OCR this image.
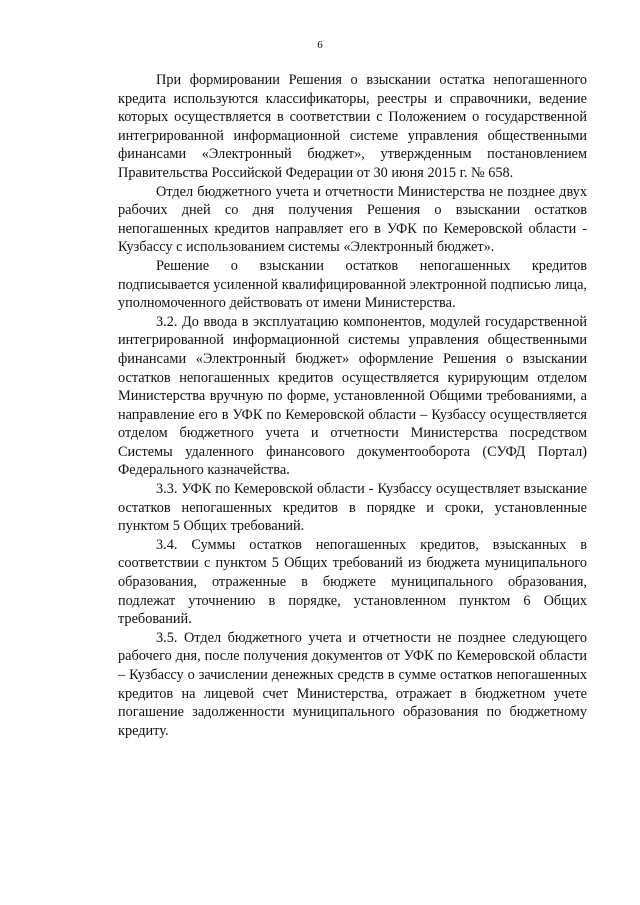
6

При формировании Решения о взыскании остатка непогашенного кредита используются классификаторы, реестры и справочники, ведение которых осуществляется в соответствии с Положением о государственной интегрированной информационной системе управления общественными финансами «Электронный бюджет», утвержденным постановлением Правительства Российской Федерации от 30 июня 2015 г. № 658.

Отдел бюджетного учета и отчетности Министерства не позднее двух рабочих дней со дня получения Решения о взыскании остатков непогашенных кредитов направляет его в УФК по Кемеровской области - Кузбассу с использованием системы «Электронный бюджет».

Решение о взыскании остатков непогашенных кредитов подписывается усиленной квалифицированной электронной подписью лица, уполномоченного действовать от имени Министерства.

3.2. До ввода в эксплуатацию компонентов, модулей государственной интегрированной информационной системы управления общественными финансами «Электронный бюджет» оформление Решения о взыскании остатков непогашенных кредитов осуществляется курирующим отделом Министерства вручную по форме, установленной Общими требованиями, а направление его в УФК по Кемеровской области – Кузбассу осуществляется отделом бюджетного учета и отчетности Министерства посредством Системы удаленного финансового документооборота (СУФД Портал) Федерального казначейства.

3.3. УФК по Кемеровской области - Кузбассу осуществляет взыскание остатков непогашенных кредитов в порядке и сроки, установленные пунктом 5 Общих требований.

3.4. Суммы остатков непогашенных кредитов, взысканных в соответствии с пунктом 5 Общих требований из бюджета муниципального образования, отраженные в бюджете муниципального образования, подлежат уточнению в порядке, установленном пунктом 6 Общих требований.

3.5. Отдел бюджетного учета и отчетности не позднее следующего рабочего дня, после получения документов от УФК по Кемеровской области – Кузбассу о зачислении денежных средств в сумме остатков непогашенных кредитов на лицевой счет Министерства, отражает в бюджетном учете погашение задолженности муниципального образования по бюджетному кредиту.
